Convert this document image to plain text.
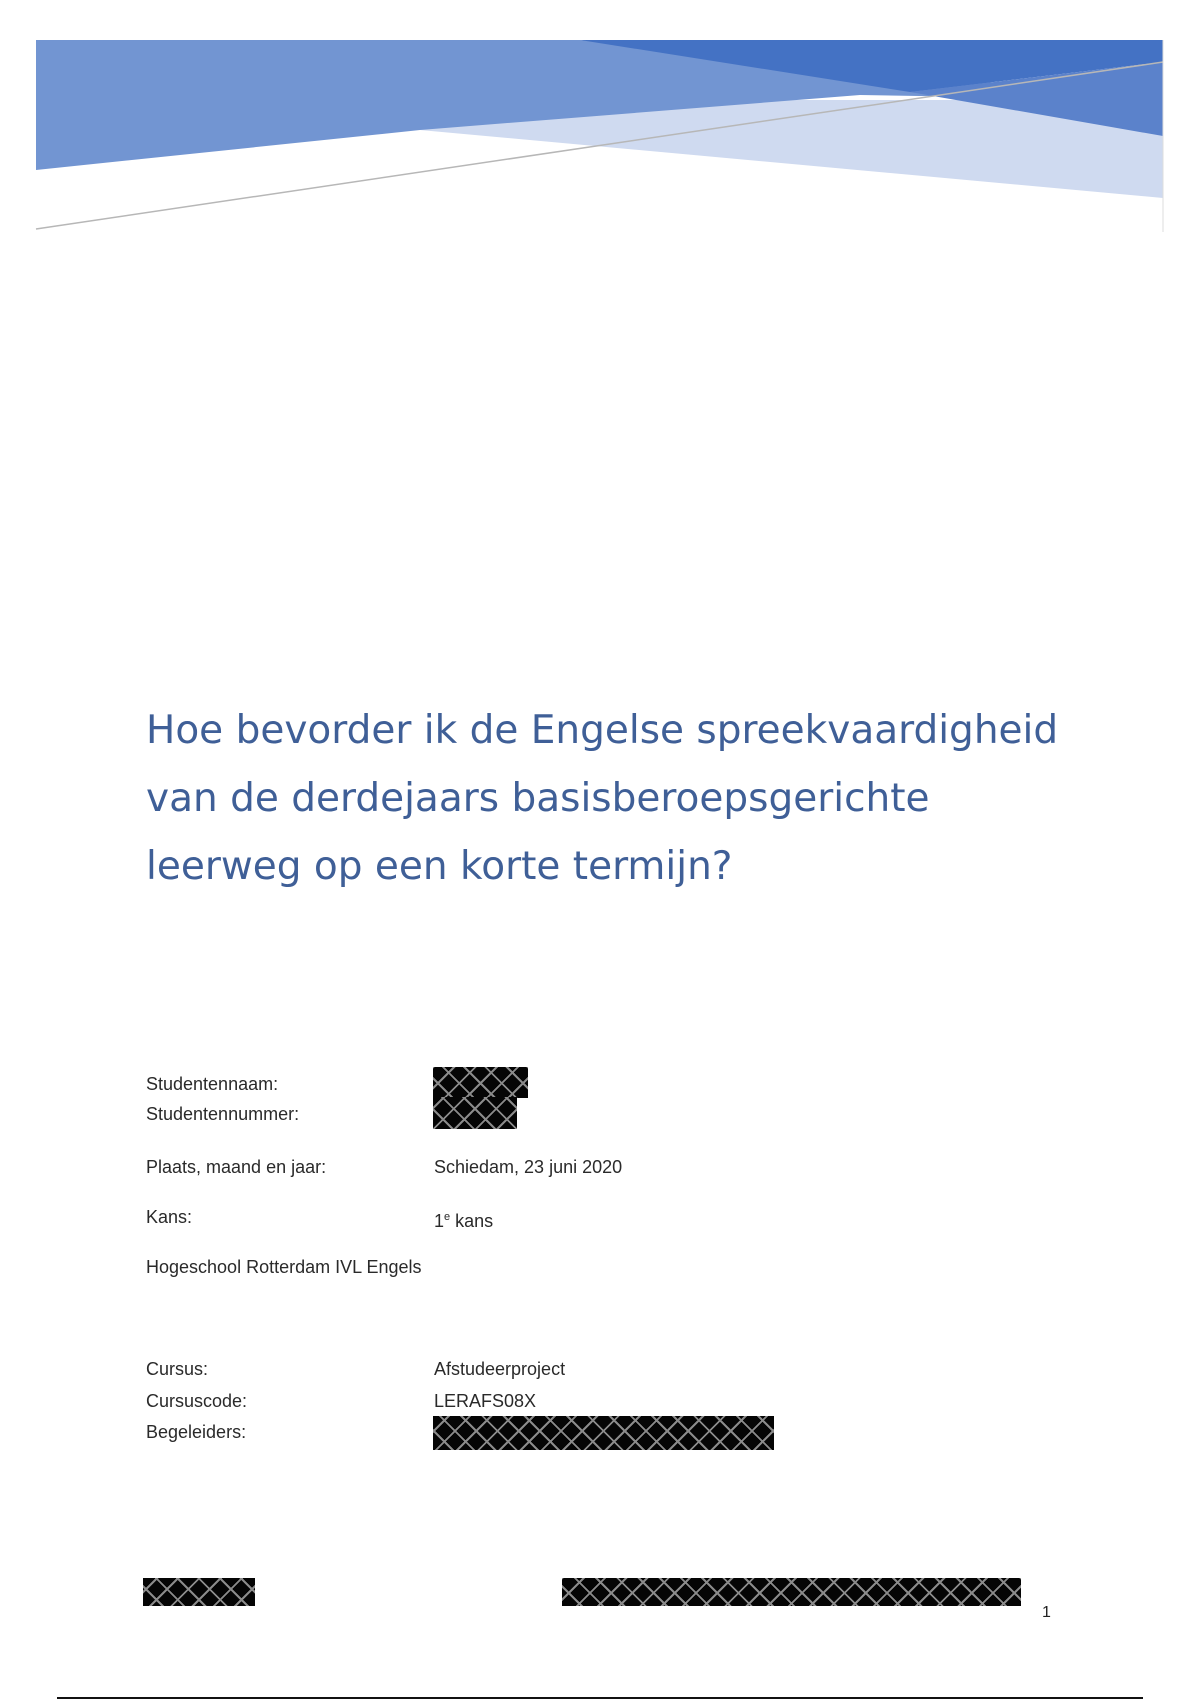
Hoe bevorder ik de Engelse spreekvaardigheid van de derdejaars basisberoepsgerichte leerweg op een korte termijn?
Studentennaam:
Studentennummer:
Plaats, maand en jaar:	Schiedam, 23 juni 2020
Kans:	1e kans
Hogeschool Rotterdam IVL Engels
Cursus:	Afstudeerproject
Cursuscode:	LERAFS08X
Begeleiders:
1
